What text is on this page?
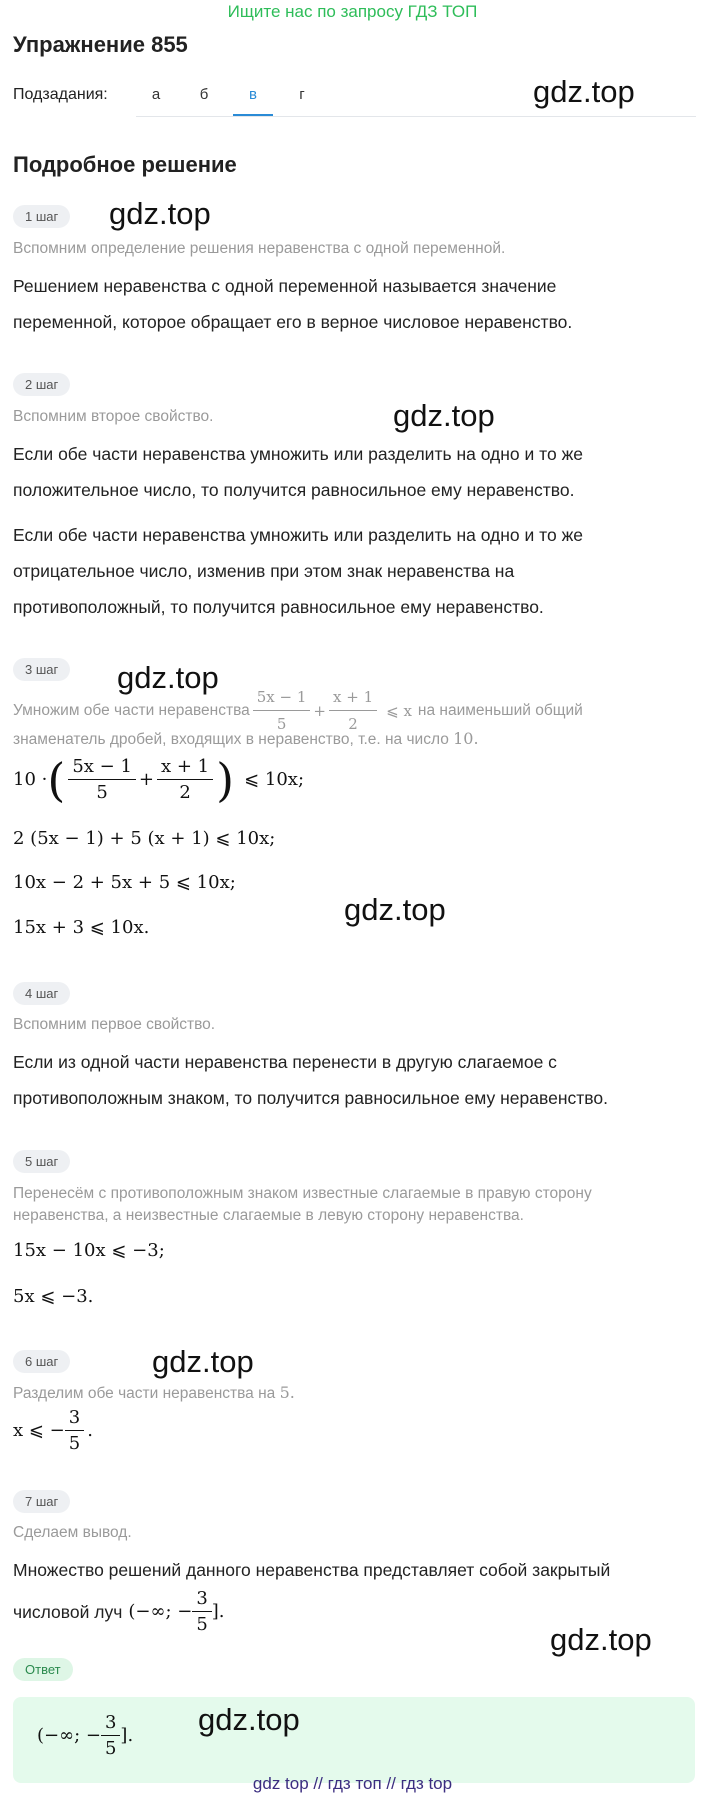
Ищите нас по запросу ГДЗ ТОП
Упражнение 855
Подзадания:	а	б	в	г	gdz.top
Подробное решение
1 шаг	gdz.top
Вспомним определение решения неравенства с одной переменной.
Решением неравенства с одной переменной называется значение
переменной, которое обращает его в верное числовое неравенство.
2 шаг
gdz.top
Вспомним второе свойство.
Если обе части неравенства умножить или разделить на одно и то же
положительное число, то получится равносильное ему неравенство.
Если обе части неравенства умножить или разделить на одно и то же
отрицательное число, изменив при этом знак неравенства на
противоположный, то получится равносильное ему неравенство.
3 шаг	gdz.top
Умножим обе части неравенства $\frac{5x - 1}{5} + \frac{x + 1}{2}$ ⩽ x на наименьший общий
знаменатель дробей, входящих в неравенство, т.е. на число 10.
10 · ( $\frac{5x - 1}{5} + \frac{x + 1}{2}$ ) ⩽ 10x;
2 (5x − 1) + 5 (x + 1) ⩽ 10x;
10x − 2 + 5x + 5 ⩽ 10x;
gdz.top
15x + 3 ⩽ 10x.
4 шаг
Вспомним первое свойство.
Если из одной части неравенства перенести в другую слагаемое с
противоположным знаком, то получится равносильное ему неравенство.
5 шаг
Перенесём с противоположным знаком известные слагаемые в правую сторону
неравенства, а неизвестные слагаемые в левую сторону неравенства.
15x − 10x ⩽ −3;
5x ⩽ −3.
6 шаг	gdz.top
Разделим обе части неравенства на 5.
x ⩽ − $\frac{3}{5}$ .
7 шаг
Сделаем вывод.
Множество решений данного неравенства представляет собой закрытый
числовой луч (−∞; − $\frac{3}{5}$ ].
gdz.top
Ответ
(−∞; − $\frac{3}{5}$ ]. gdz.top
gdz top // гдз топ // гдз top
